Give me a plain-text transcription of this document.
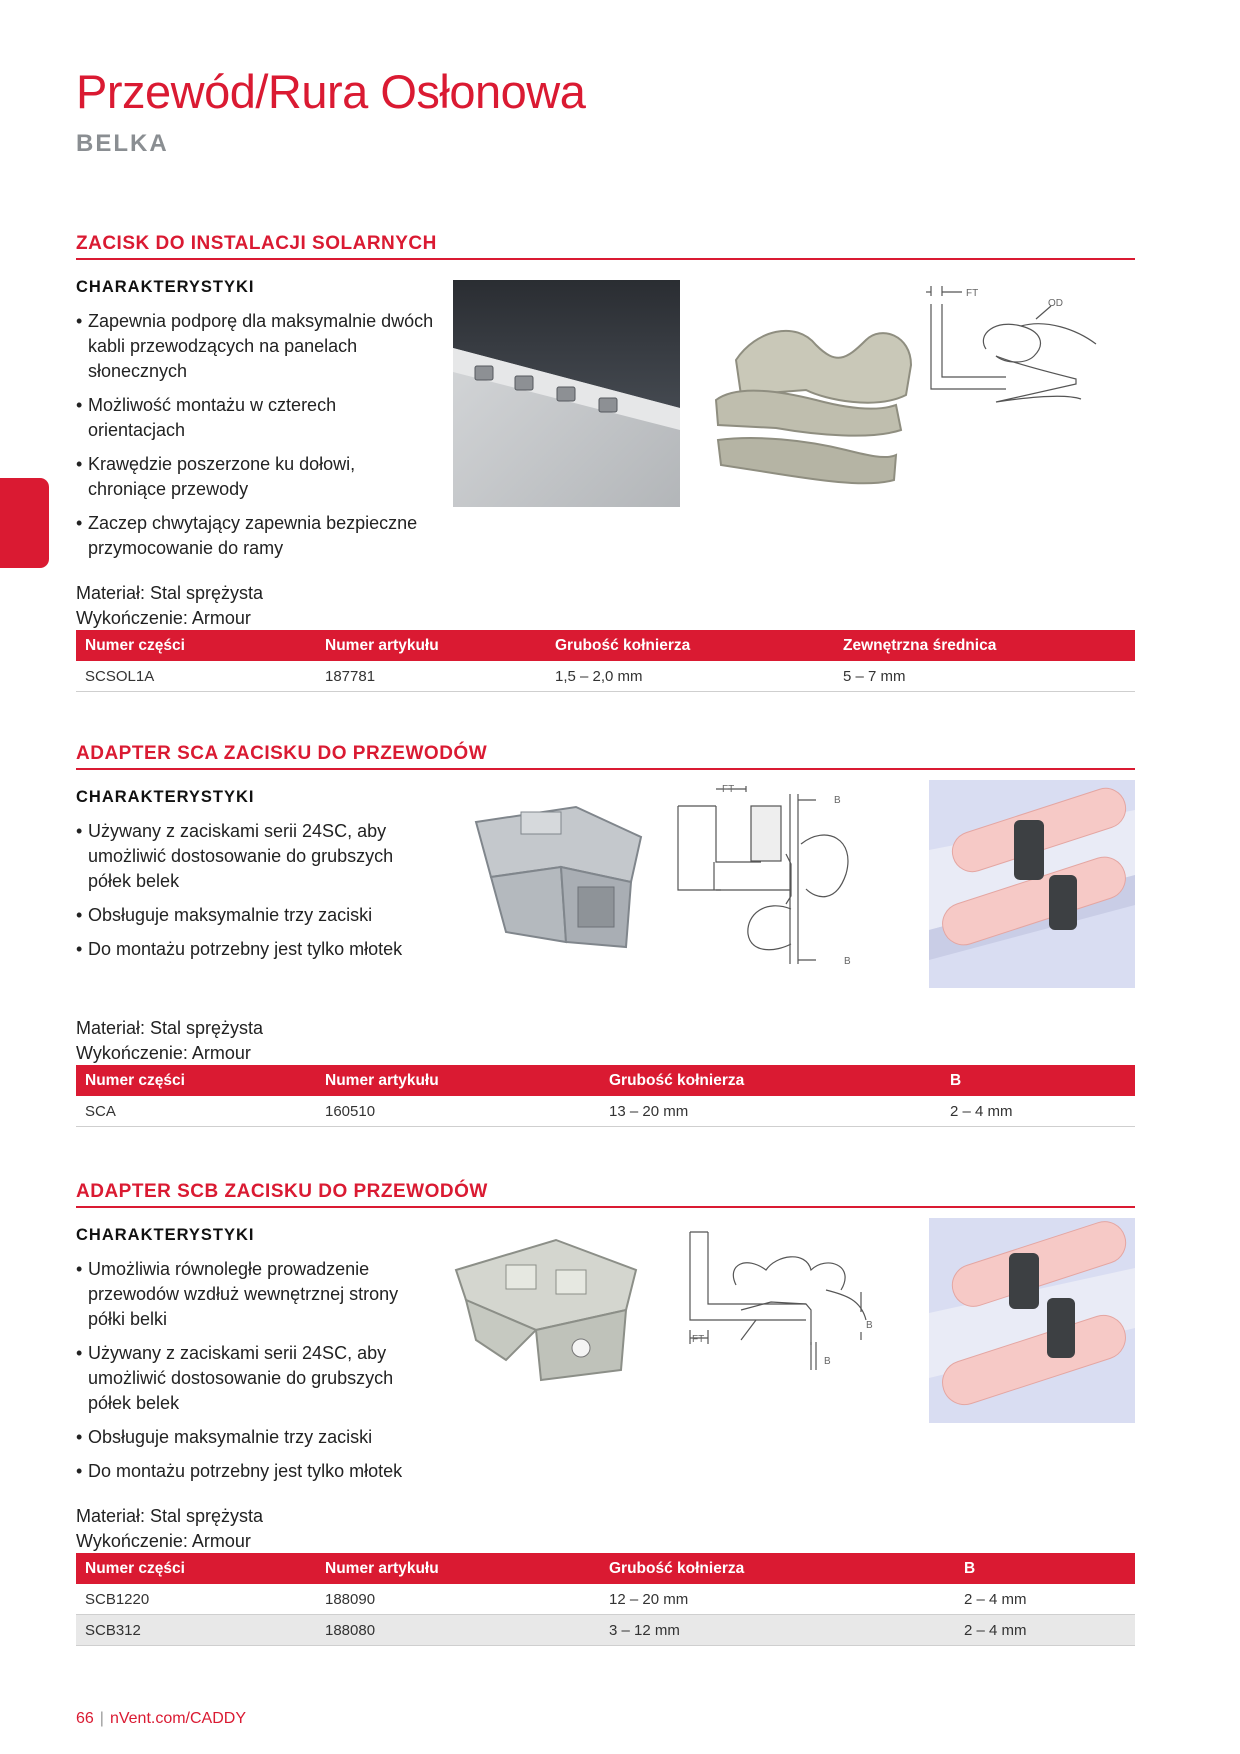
Przewód/Rura Osłonowa
BELKA
ZACISK DO INSTALACJI SOLARNYCH

CHARAKTERYSTYKI

• Zapewnia podporę dla maksymalnie dwóch kabli przewodzących na panelach słonecznych
• Możliwość montażu w czterech orientacjach
• Krawędzie poszerzone ku dołowi, chroniące przewody
• Zaczep chwytający zapewnia bezpieczne przymocowanie do ramy

Materiał: Stal sprężysta
Wykończenie: Armour

FT
OD
Numer części	Numer artykułu	Grubość kołnierza	Zewnętrzna średnica
SCSOL1A	187781	1,5 – 2,0 mm	5 – 7 mm
ADAPTER SCA ZACISKU DO PRZEWODÓW

CHARAKTERYSTYKI

• Używany z zaciskami serii 24SC, aby umożliwić dostosowanie do grubszych półek belek
• Obsługuje maksymalnie trzy zaciski
• Do montażu potrzebny jest tylko młotek

Materiał: Stal sprężysta
Wykończenie: Armour

FT
B
B
Numer części	Numer artykułu	Grubość kołnierza	B
SCA	160510	13 – 20 mm	2 – 4 mm
ADAPTER SCB ZACISKU DO PRZEWODÓW

CHARAKTERYSTYKI

• Umożliwia równoległe prowadzenie przewodów wzdłuż wewnętrznej strony półki belki
• Używany z zaciskami serii 24SC, aby umożliwić dostosowanie do grubszych półek belek
• Obsługuje maksymalnie trzy zaciski
• Do montażu potrzebny jest tylko młotek

Materiał: Stal sprężysta
Wykończenie: Armour

FT
B
B
Numer części	Numer artykułu	Grubość kołnierza	B
SCB1220	188090	12 – 20 mm	2 – 4 mm
SCB312	188080	3 – 12 mm	2 – 4 mm
66 | nVent.com/CADDY
